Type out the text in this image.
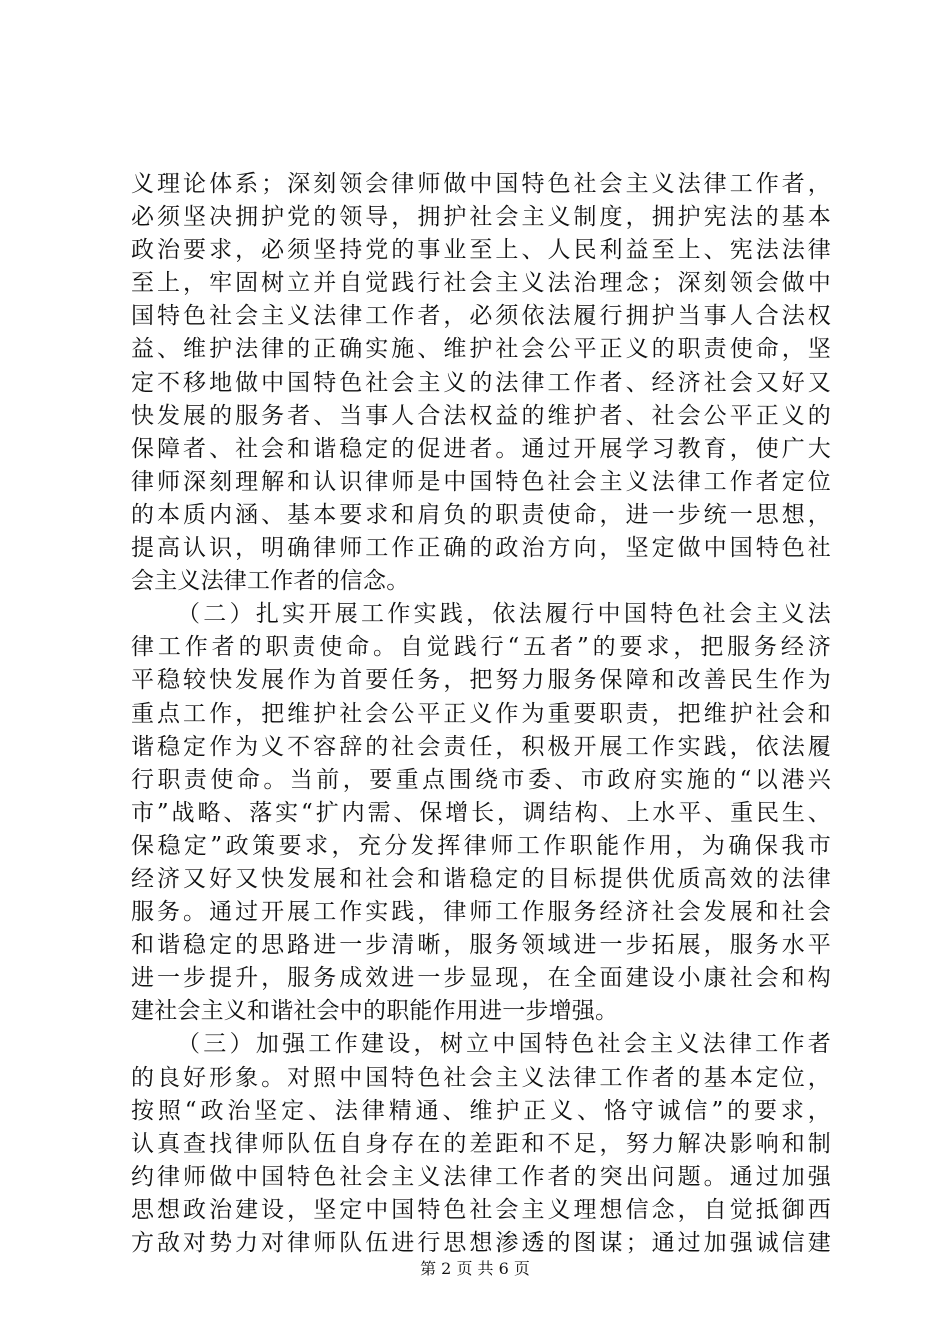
义理论体系；深刻领会律师做中国特色社会主义法律工作者，
必须坚决拥护党的领导，拥护社会主义制度，拥护宪法的基本
政治要求，必须坚持党的事业至上、人民利益至上、宪法法律
至上，牢固树立并自觉践行社会主义法治理念；深刻领会做中
国特色社会主义法律工作者，必须依法履行拥护当事人合法权
益、维护法律的正确实施、维护社会公平正义的职责使命，坚
定不移地做中国特色社会主义的法律工作者、经济社会又好又
快发展的服务者、当事人合法权益的维护者、社会公平正义的
保障者、社会和谐稳定的促进者。通过开展学习教育，使广大
律师深刻理解和认识律师是中国特色社会主义法律工作者定位
的本质内涵、基本要求和肩负的职责使命，进一步统一思想，
提高认识，明确律师工作正确的政治方向，坚定做中国特色社
会主义法律工作者的信念。
（二）扎实开展工作实践，依法履行中国特色社会主义法
律工作者的职责使命。自觉践行“五者”的要求，把服务经济
平稳较快发展作为首要任务，把努力服务保障和改善民生作为
重点工作，把维护社会公平正义作为重要职责，把维护社会和
谐稳定作为义不容辞的社会责任，积极开展工作实践，依法履
行职责使命。当前，要重点围绕市委、市政府实施的“以港兴
市”战略、落实“扩内需、保增长，调结构、上水平、重民生、
保稳定”政策要求，充分发挥律师工作职能作用，为确保我市
经济又好又快发展和社会和谐稳定的目标提供优质高效的法律
服务。通过开展工作实践，律师工作服务经济社会发展和社会
和谐稳定的思路进一步清晰，服务领域进一步拓展，服务水平
进一步提升，服务成效进一步显现，在全面建设小康社会和构
建社会主义和谐社会中的职能作用进一步增强。
（三）加强工作建设，树立中国特色社会主义法律工作者
的良好形象。对照中国特色社会主义法律工作者的基本定位，
按照“政治坚定、法律精通、维护正义、恪守诚信”的要求，
认真查找律师队伍自身存在的差距和不足，努力解决影响和制
约律师做中国特色社会主义法律工作者的突出问题。通过加强
思想政治建设，坚定中国特色社会主义理想信念，自觉抵御西
方敌对势力对律师队伍进行思想渗透的图谋；通过加强诚信建
第 2 页 共 6 页
